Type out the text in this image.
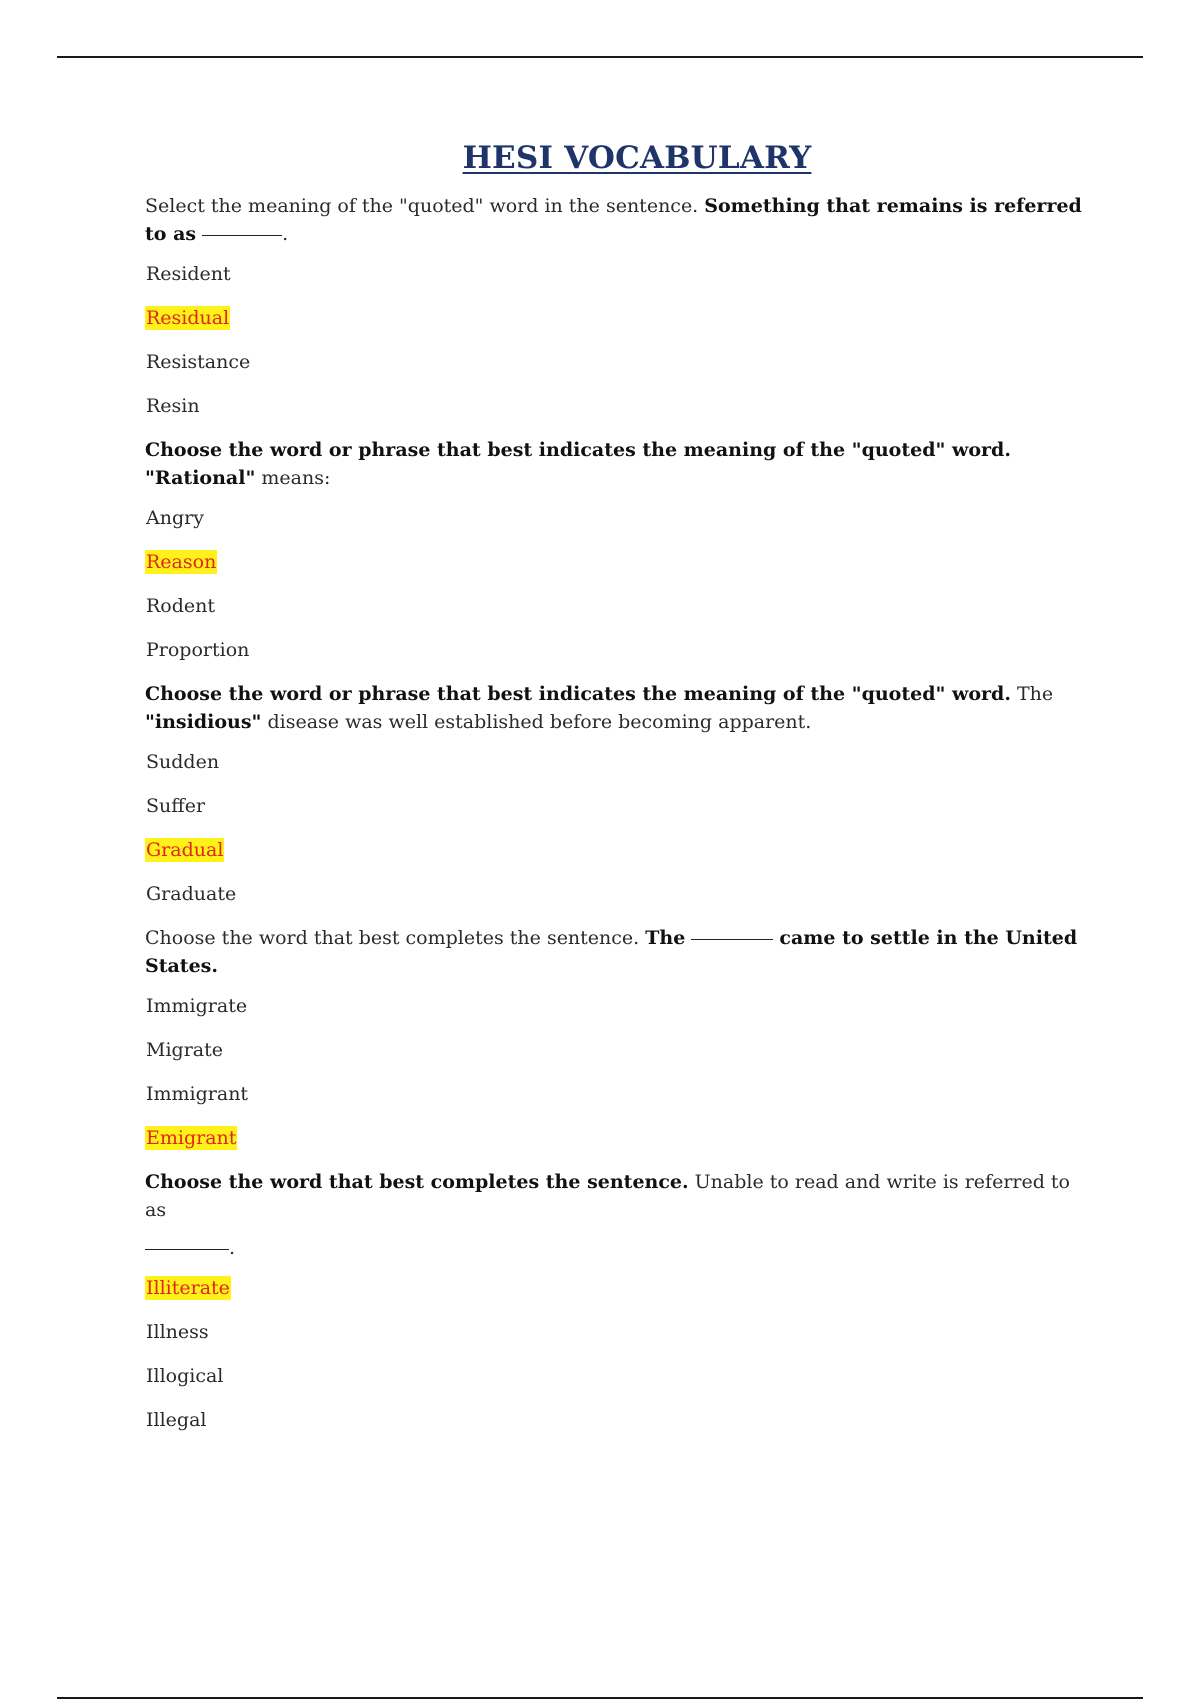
HESI VOCABULARY

Select the meaning of the "quoted" word in the sentence. Something that remains is referred to as	.

Resident
Residual
Resistance
Resin

Choose the word or phrase that best indicates the meaning of the "quoted" word. "Rational" means:

Angry
Reason
Rodent
Proportion

Choose the word or phrase that best indicates the meaning of the "quoted" word. The "insidious" disease was well established before becoming apparent.

Sudden
Suffer
Gradual
Graduate

Choose the word that best completes the sentence. The	came to settle in the United States.

Immigrate
Migrate
Immigrant
Emigrant

Choose the word that best completes the sentence. Unable to read and write is referred to as
.

Illiterate
Illness
Illogical
Illegal
